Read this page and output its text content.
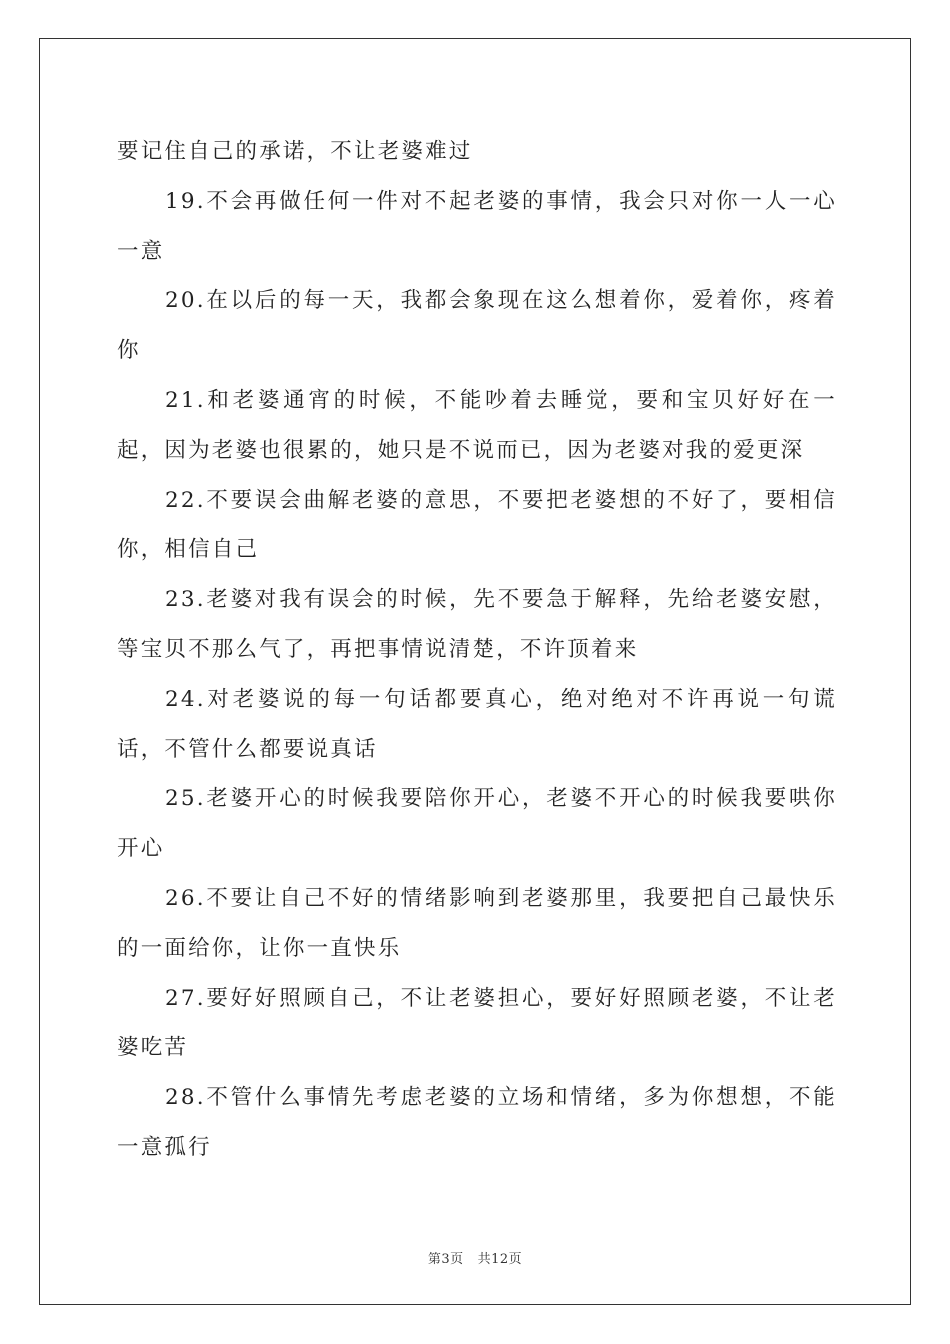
要记住自己的承诺，不让老婆难过

19.不会再做任何一件对不起老婆的事情，我会只对你一人一心一意

20.在以后的每一天，我都会象现在这么想着你，爱着你，疼着你

21.和老婆通宵的时候，不能吵着去睡觉，要和宝贝好好在一起，因为老婆也很累的，她只是不说而已，因为老婆对我的爱更深

22.不要误会曲解老婆的意思，不要把老婆想的不好了，要相信你，相信自己

23.老婆对我有误会的时候，先不要急于解释，先给老婆安慰，等宝贝不那么气了，再把事情说清楚，不许顶着来

24.对老婆说的每一句话都要真心，绝对绝对不许再说一句谎话，不管什么都要说真话

25.老婆开心的时候我要陪你开心，老婆不开心的时候我要哄你开心

26.不要让自己不好的情绪影响到老婆那里，我要把自己最快乐的一面给你，让你一直快乐

27.要好好照顾自己，不让老婆担心，要好好照顾老婆，不让老婆吃苦

28.不管什么事情先考虑老婆的立场和情绪，多为你想想，不能一意孤行

第3页 共12页
